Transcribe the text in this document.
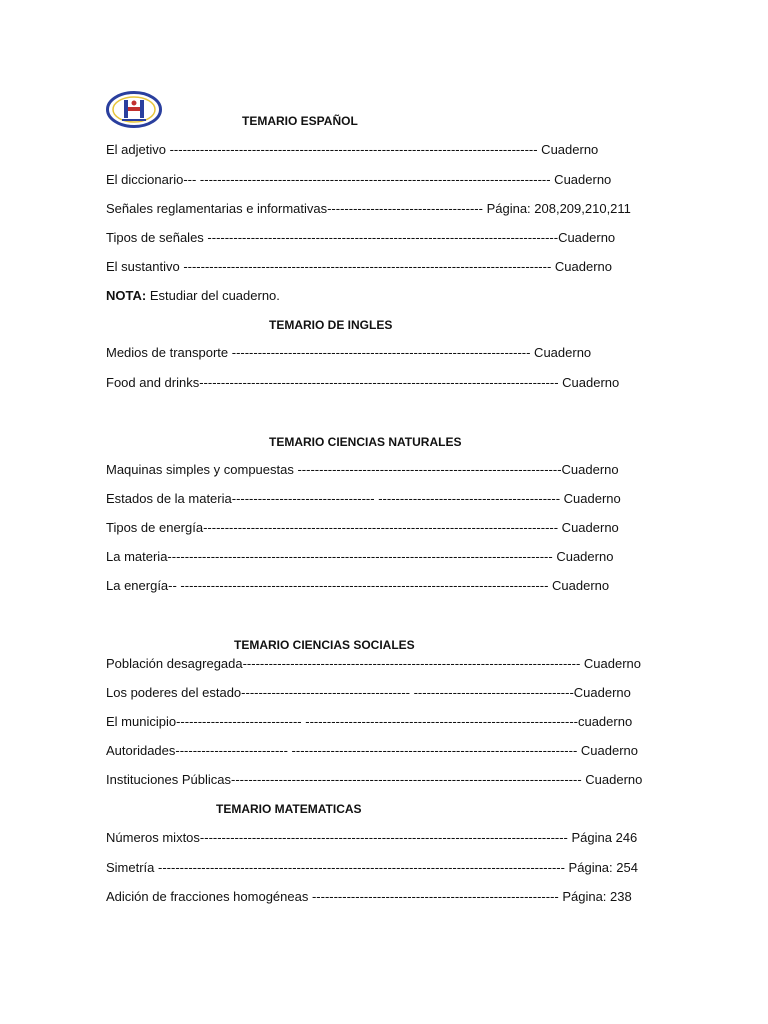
TEMARIO ESPAÑOL
El adjetivo ------------------------------------------------------------------------------------- Cuaderno
El diccionario--- --------------------------------------------------------------------------------- Cuaderno
Señales reglamentarias e informativas------------------------------------ Página: 208,209,210,211
Tipos de señales ---------------------------------------------------------------------------------Cuaderno
El sustantivo ------------------------------------------------------------------------------------- Cuaderno
NOTA: Estudiar del cuaderno.
TEMARIO DE INGLES
Medios de transporte --------------------------------------------------------------------- Cuaderno
Food and drinks----------------------------------------------------------------------------------- Cuaderno
TEMARIO CIENCIAS NATURALES
Maquinas simples y compuestas -------------------------------------------------------------Cuaderno
Estados de la materia--------------------------------- ------------------------------------------ Cuaderno
Tipos de energía---------------------------------------------------------------------------------- Cuaderno
La materia----------------------------------------------------------------------------------------- Cuaderno
La energía-- ------------------------------------------------------------------------------------- Cuaderno
TEMARIO CIENCIAS SOCIALES
Población desagregada------------------------------------------------------------------------------ Cuaderno
Los poderes del estado--------------------------------------- -------------------------------------Cuaderno
El municipio----------------------------- ---------------------------------------------------------------cuaderno
Autoridades-------------------------- ------------------------------------------------------------------ Cuaderno
Instituciones Públicas--------------------------------------------------------------------------------- Cuaderno
TEMARIO MATEMATICAS
Números mixtos------------------------------------------------------------------------------------- Página 246
Simetría ---------------------------------------------------------------------------------------------- Página: 254
Adición de fracciones homogéneas --------------------------------------------------------- Página: 238
